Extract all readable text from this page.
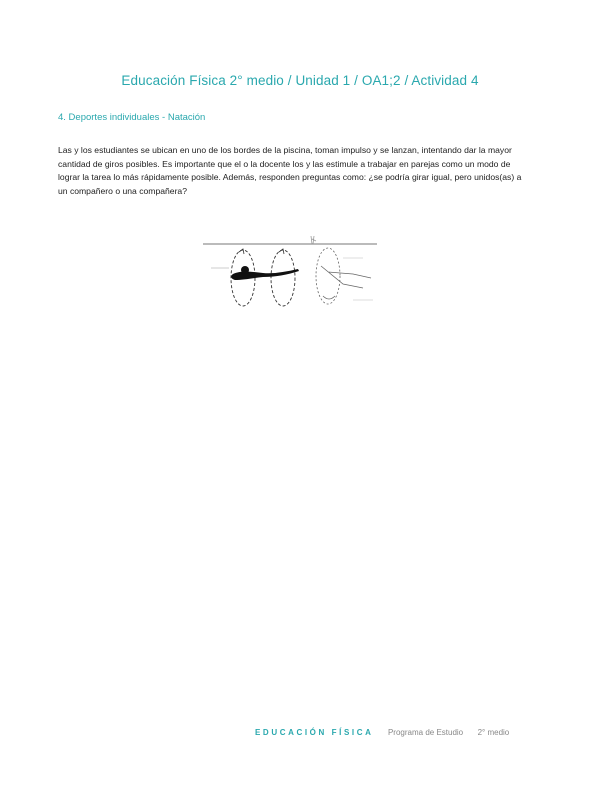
Educación Física 2° medio / Unidad 1 / OA1;2 / Actividad 4
4. Deportes individuales - Natación
Las y los estudiantes se ubican en uno de los bordes de la piscina, toman impulso y se lanzan, intentando dar la mayor cantidad de giros posibles. Es importante que el o la docente los y las estimule a trabajar en parejas como un modo de lograr la tarea lo más rápidamente posible. Además, responden preguntas como: ¿se podría girar igual, pero unidos(as) a un compañero o una compañera?
EDUCACIÓN FÍSICA Programa de Estudio 2° medio
